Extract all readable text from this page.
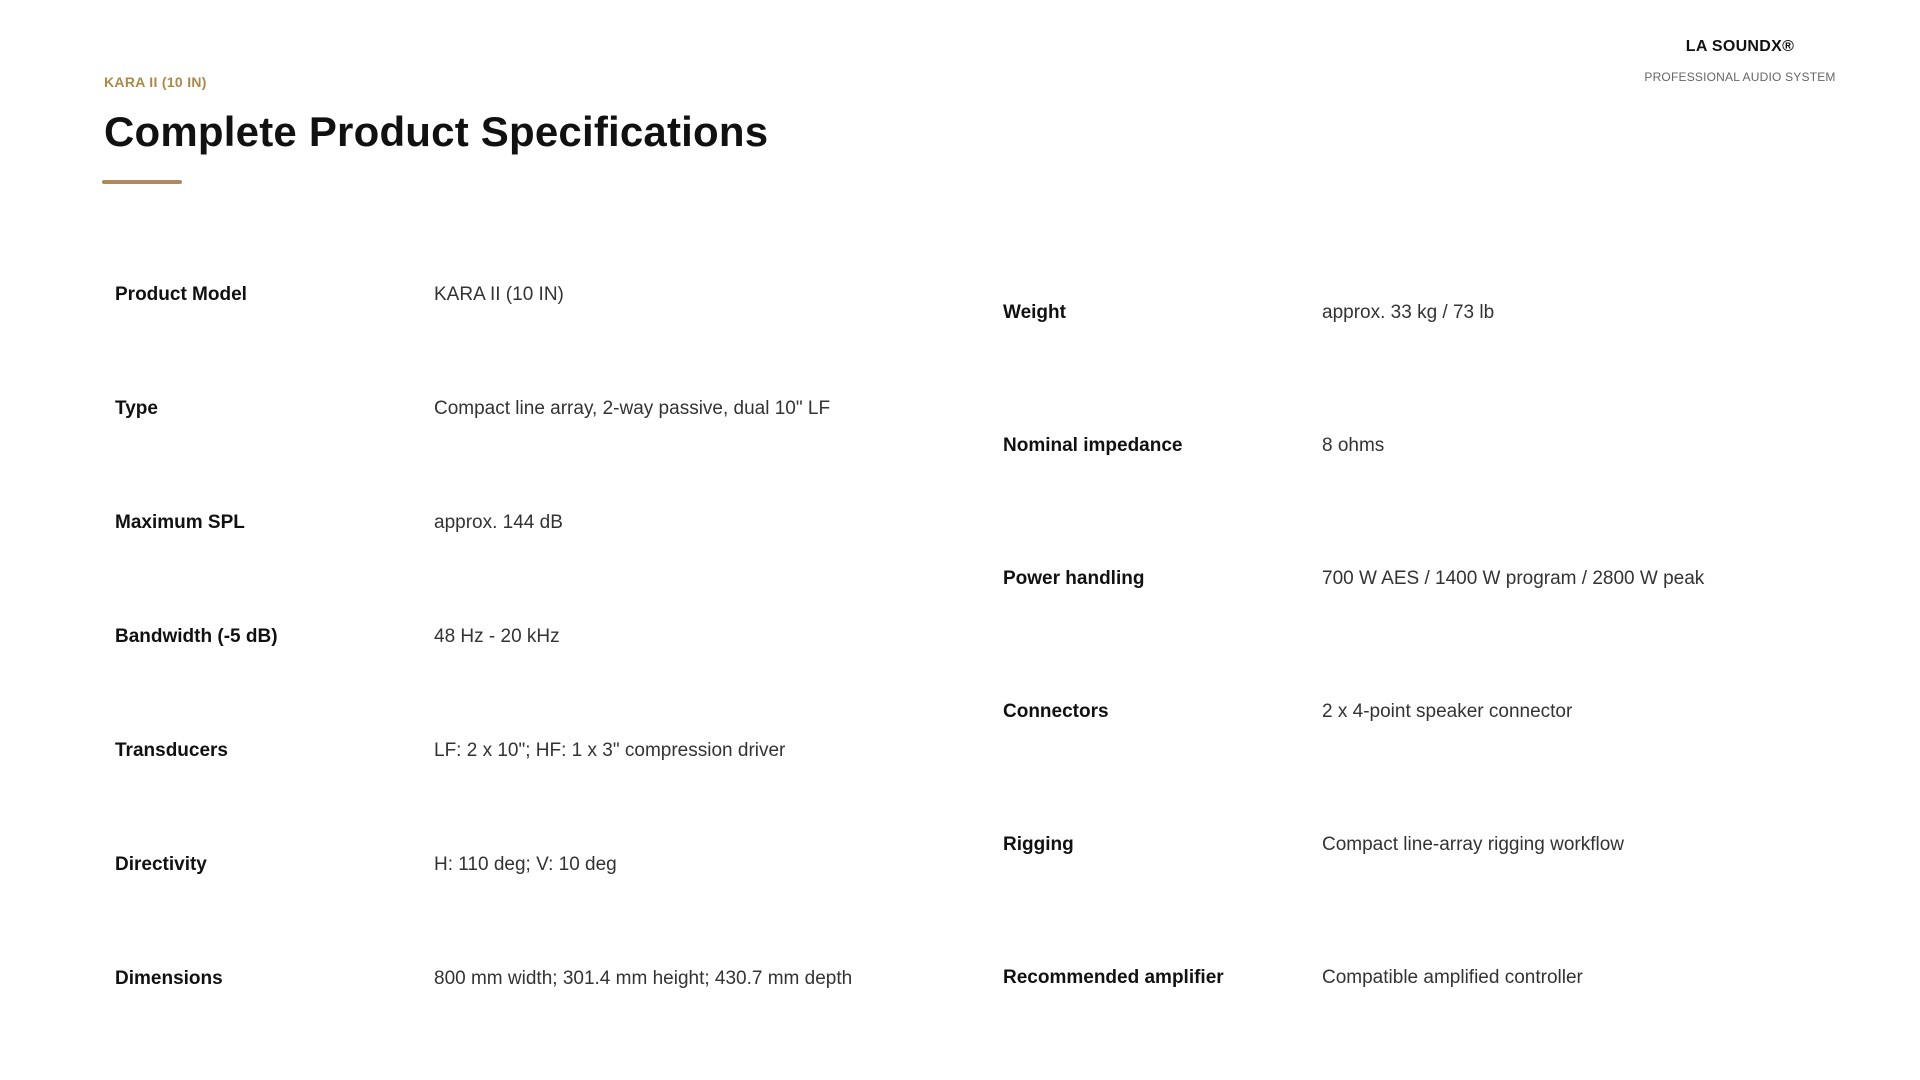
LA SOUNDX®
PROFESSIONAL AUDIO SYSTEM
KARA II (10 IN)
Complete Product Specifications
Product Model	KARA II (10 IN)
Type	Compact line array, 2-way passive, dual 10" LF
Maximum SPL	approx. 144 dB
Bandwidth (-5 dB)	48 Hz - 20 kHz
Transducers	LF: 2 x 10"; HF: 1 x 3" compression driver
Directivity	H: 110 deg; V: 10 deg
Dimensions	800 mm width; 301.4 mm height; 430.7 mm depth
Weight	approx. 33 kg / 73 lb
Nominal impedance	8 ohms
Power handling	700 W AES / 1400 W program / 2800 W peak
Connectors	2 x 4-point speaker connector
Rigging	Compact line-array rigging workflow
Recommended amplifier	Compatible amplified controller
